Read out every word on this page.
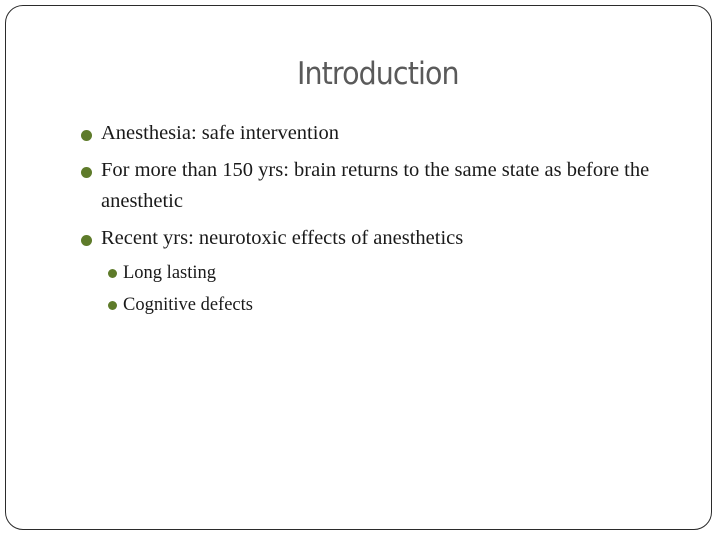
Introduction
Anesthesia: safe intervention
For more than 150 yrs: brain returns to the same state as before the anesthetic
Recent yrs: neurotoxic effects of anesthetics
Long lasting
Cognitive defects
